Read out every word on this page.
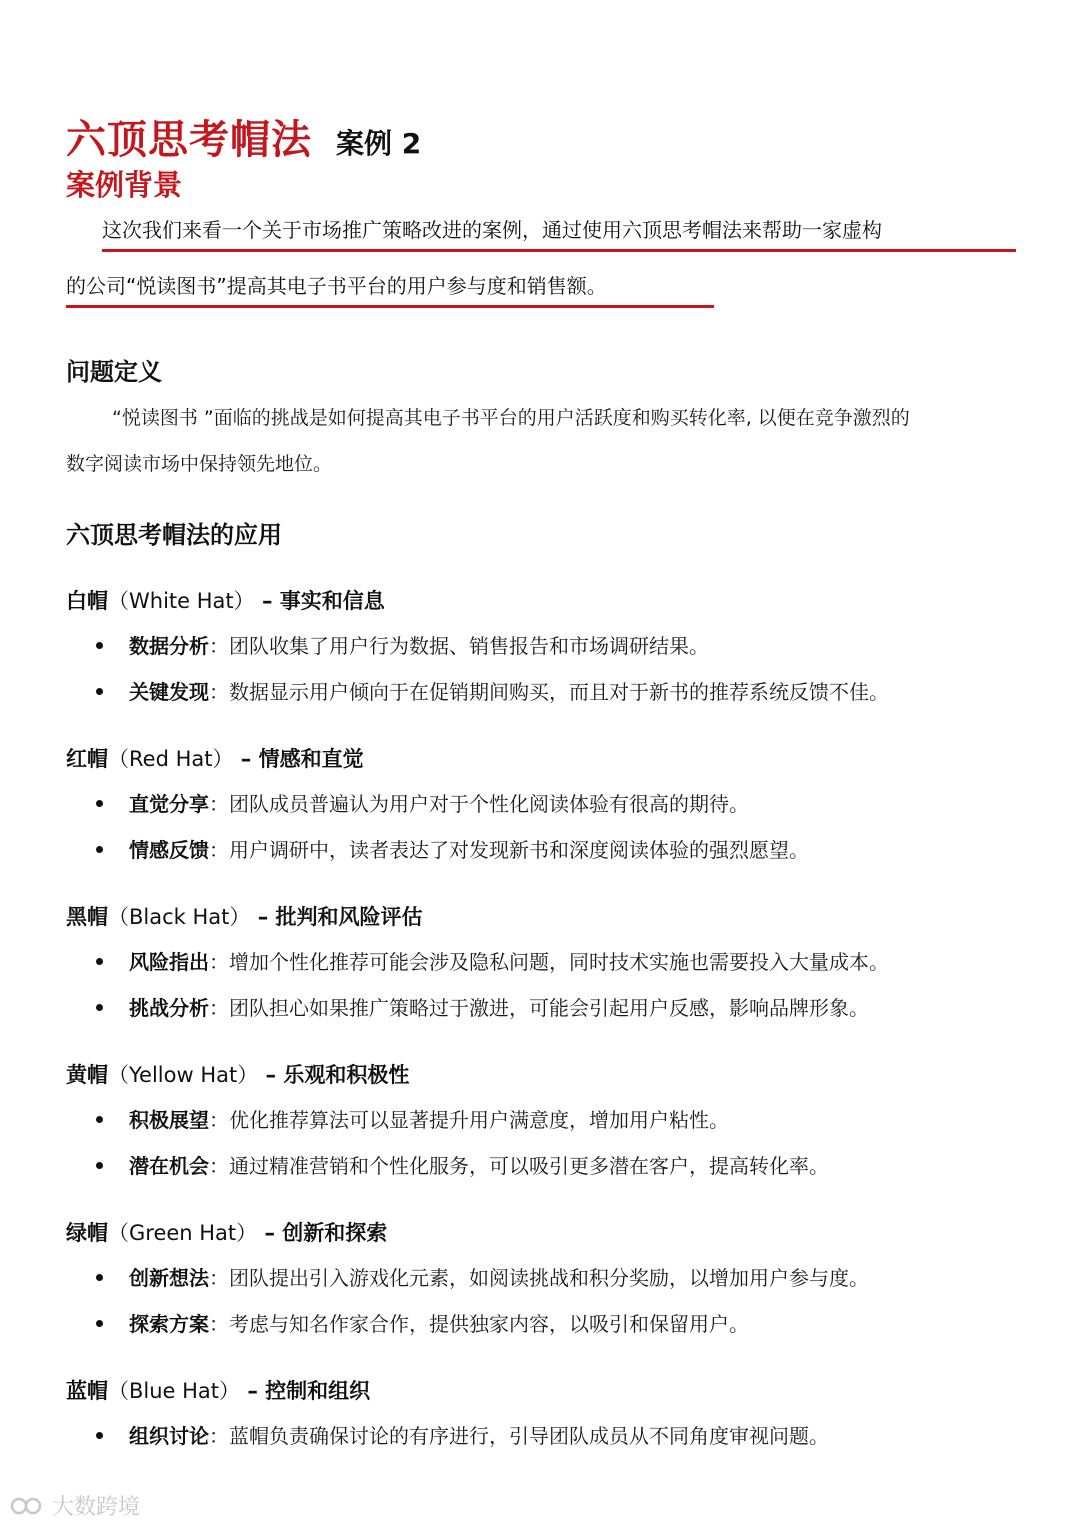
六顶思考帽法 案例 2
案例背景
这次我们来看一个关于市场推广策略改进的案例，通过使用六顶思考帽法来帮助一家虚构
的公司“悦读图书”提高其电子书平台的用户参与度和销售额。
问题定义
“悦读图书 ”面临的挑战是如何提高其电子书平台的用户活跃度和购买转化率, 以便在竞争激烈的
数字阅读市场中保持领先地位。
六顶思考帽法的应用
白帽（White Hat） – 事实和信息
数据分析：团队收集了用户行为数据、销售报告和市场调研结果。
关键发现：数据显示用户倾向于在促销期间购买，而且对于新书的推荐系统反馈不佳。
红帽（Red Hat） – 情感和直觉
直觉分享：团队成员普遍认为用户对于个性化阅读体验有很高的期待。
情感反馈：用户调研中，读者表达了对发现新书和深度阅读体验的强烈愿望。
黑帽（Black Hat） – 批判和风险评估
风险指出：增加个性化推荐可能会涉及隐私问题，同时技术实施也需要投入大量成本。
挑战分析：团队担心如果推广策略过于激进，可能会引起用户反感，影响品牌形象。
黄帽（Yellow Hat） – 乐观和积极性
积极展望：优化推荐算法可以显著提升用户满意度，增加用户粘性。
潜在机会：通过精准营销和个性化服务，可以吸引更多潜在客户，提高转化率。
绿帽（Green Hat） – 创新和探索
创新想法：团队提出引入游戏化元素，如阅读挑战和积分奖励，以增加用户参与度。
探索方案：考虑与知名作家合作，提供独家内容，以吸引和保留用户。
蓝帽（Blue Hat） – 控制和组织
组织讨论：蓝帽负责确保讨论的有序进行，引导团队成员从不同角度审视问题。
大数跨境
